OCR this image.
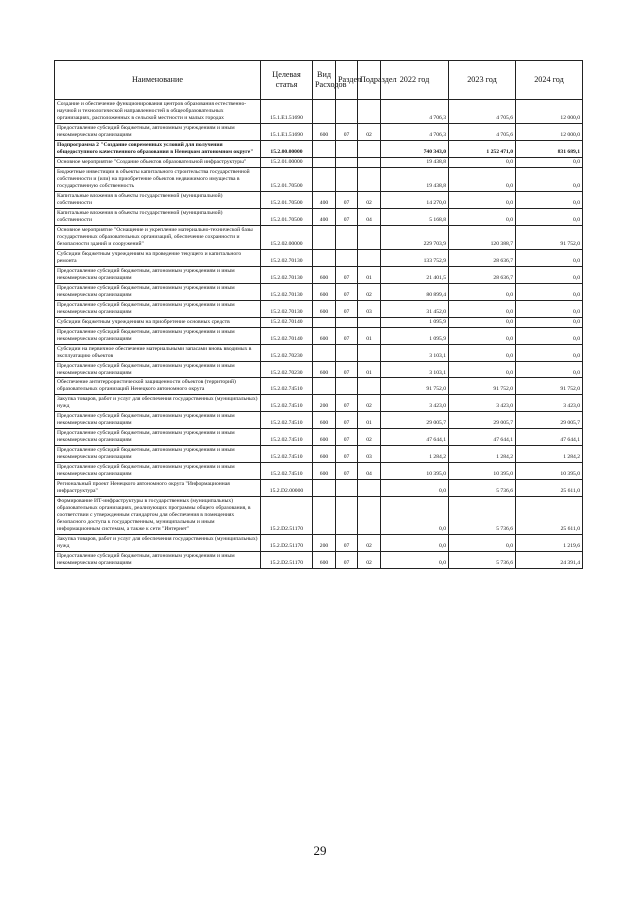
Наименование	Целевая статья	Вид Расходов	Раздел	Подраздел	2022 год	2023 год	2024 год
Создание и обеспечение функционирования центров образования естественно-научной и технологической направленностей в общеобразовательных организациях, расположенных в сельской местности и малых городах	15.1.Е1.51690				4 706,3	4 705,6	12 000,0
Предоставление субсидий бюджетным, автономным учреждениям и иным некоммерческим организациям	15.1.Е1.51690	600	07	02	4 706,3	4 705,6	12 000,0
Подпрограмма 2 "Создание современных условий для получения общедоступного качественного образования в Ненецком автономном округе"	15.2.00.00000				740 343,0	1 252 471,0	831 689,1
Основное мероприятие "Создание объектов образовательной инфраструктуры"	15.2.01.00000				19 438,8	0,0	0,0
Бюджетные инвестиции в объекты капитального строительства государственной собственности и (или) на приобретение объектов недвижимого имущества в государственную собственность	15.2.01.70500				19 438,8	0,0	0,0
Капитальные вложения в объекты государственной (муниципальной) собственности	15.2.01.70500	400	07	02	14 270,0	0,0	0,0
Капитальные вложения в объекты государственной (муниципальной) собственности	15.2.01.70500	400	07	04	5 168,8	0,0	0,0
Основное мероприятие "Оснащение и укрепление материально-технической базы государственных образовательных организаций, обеспечение сохранности и безопасности зданий и сооружений"	15.2.02.00000				229 703,9	120 388,7	91 752,0
Субсидии бюджетным учреждениям на проведение текущего и капитального ремонта	15.2.02.70130				133 752,9	28 636,7	0,0
Предоставление субсидий бюджетным, автономным учреждениям и иным некоммерческим организациям	15.2.02.70130	600	07	01	21 401,5	28 636,7	0,0
Предоставление субсидий бюджетным, автономным учреждениям и иным некоммерческим организациям	15.2.02.70130	600	07	02	80 899,4	0,0	0,0
Предоставление субсидий бюджетным, автономным учреждениям и иным некоммерческим организациям	15.2.02.70130	600	07	03	31 452,0	0,0	0,0
Субсидии бюджетным учреждениям на приобретение основных средств	15.2.02.70140				1 095,9	0,0	0,0
Предоставление субсидий бюджетным, автономным учреждениям и иным некоммерческим организациям	15.2.02.70140	600	07	01	1 095,9	0,0	0,0
Субсидии на первичное обеспечение материальными запасами вновь вводимых в эксплуатацию объектов	15.2.02.70230				3 103,1	0,0	0,0
Предоставление субсидий бюджетным, автономным учреждениям и иным некоммерческим организациям	15.2.02.70230	600	07	01	3 103,1	0,0	0,0
Обеспечение антитеррористической защищенности объектов (территорий) образовательных организаций Ненецкого автономного округа	15.2.02.74510				91 752,0	91 752,0	91 752,0
Закупка товаров, работ и услуг для обеспечения государственных (муниципальных) нужд	15.2.02.74510	200	07	02	3 423,0	3 423,0	3 423,0
Предоставление субсидий бюджетным, автономным учреждениям и иным некоммерческим организациям	15.2.02.74510	600	07	01	29 005,7	29 005,7	29 005,7
Предоставление субсидий бюджетным, автономным учреждениям и иным некоммерческим организациям	15.2.02.74510	600	07	02	47 644,1	47 644,1	47 644,1
Предоставление субсидий бюджетным, автономным учреждениям и иным некоммерческим организациям	15.2.02.74510	600	07	03	1 284,2	1 284,2	1 284,2
Предоставление субсидий бюджетным, автономным учреждениям и иным некоммерческим организациям	15.2.02.74510	600	07	04	10 395,0	10 395,0	10 395,0
Региональный проект Ненецкого автономного округа "Информационная инфраструктура"	15.2.D2.00000				0,0	5 736,6	25 611,0
Формирование ИТ-инфраструктуры в государственных (муниципальных) образовательных организациях, реализующих программы общего образования, в соответствии с утвержденным стандартом для обеспечения в помещениях безопасного доступа к государственным, муниципальным и иным информационным системам, а также к сети "Интернет"	15.2.D2.51170				0,0	5 736,6	25 611,0
Закупка товаров, работ и услуг для обеспечения государственных (муниципальных) нужд	15.2.D2.51170	200	07	02	0,0	0,0	1 219,6
Предоставление субсидий бюджетным, автономным учреждениям и иным некоммерческим организациям	15.2.D2.51170	600	07	02	0,0	5 736,6	24 391,4
29
